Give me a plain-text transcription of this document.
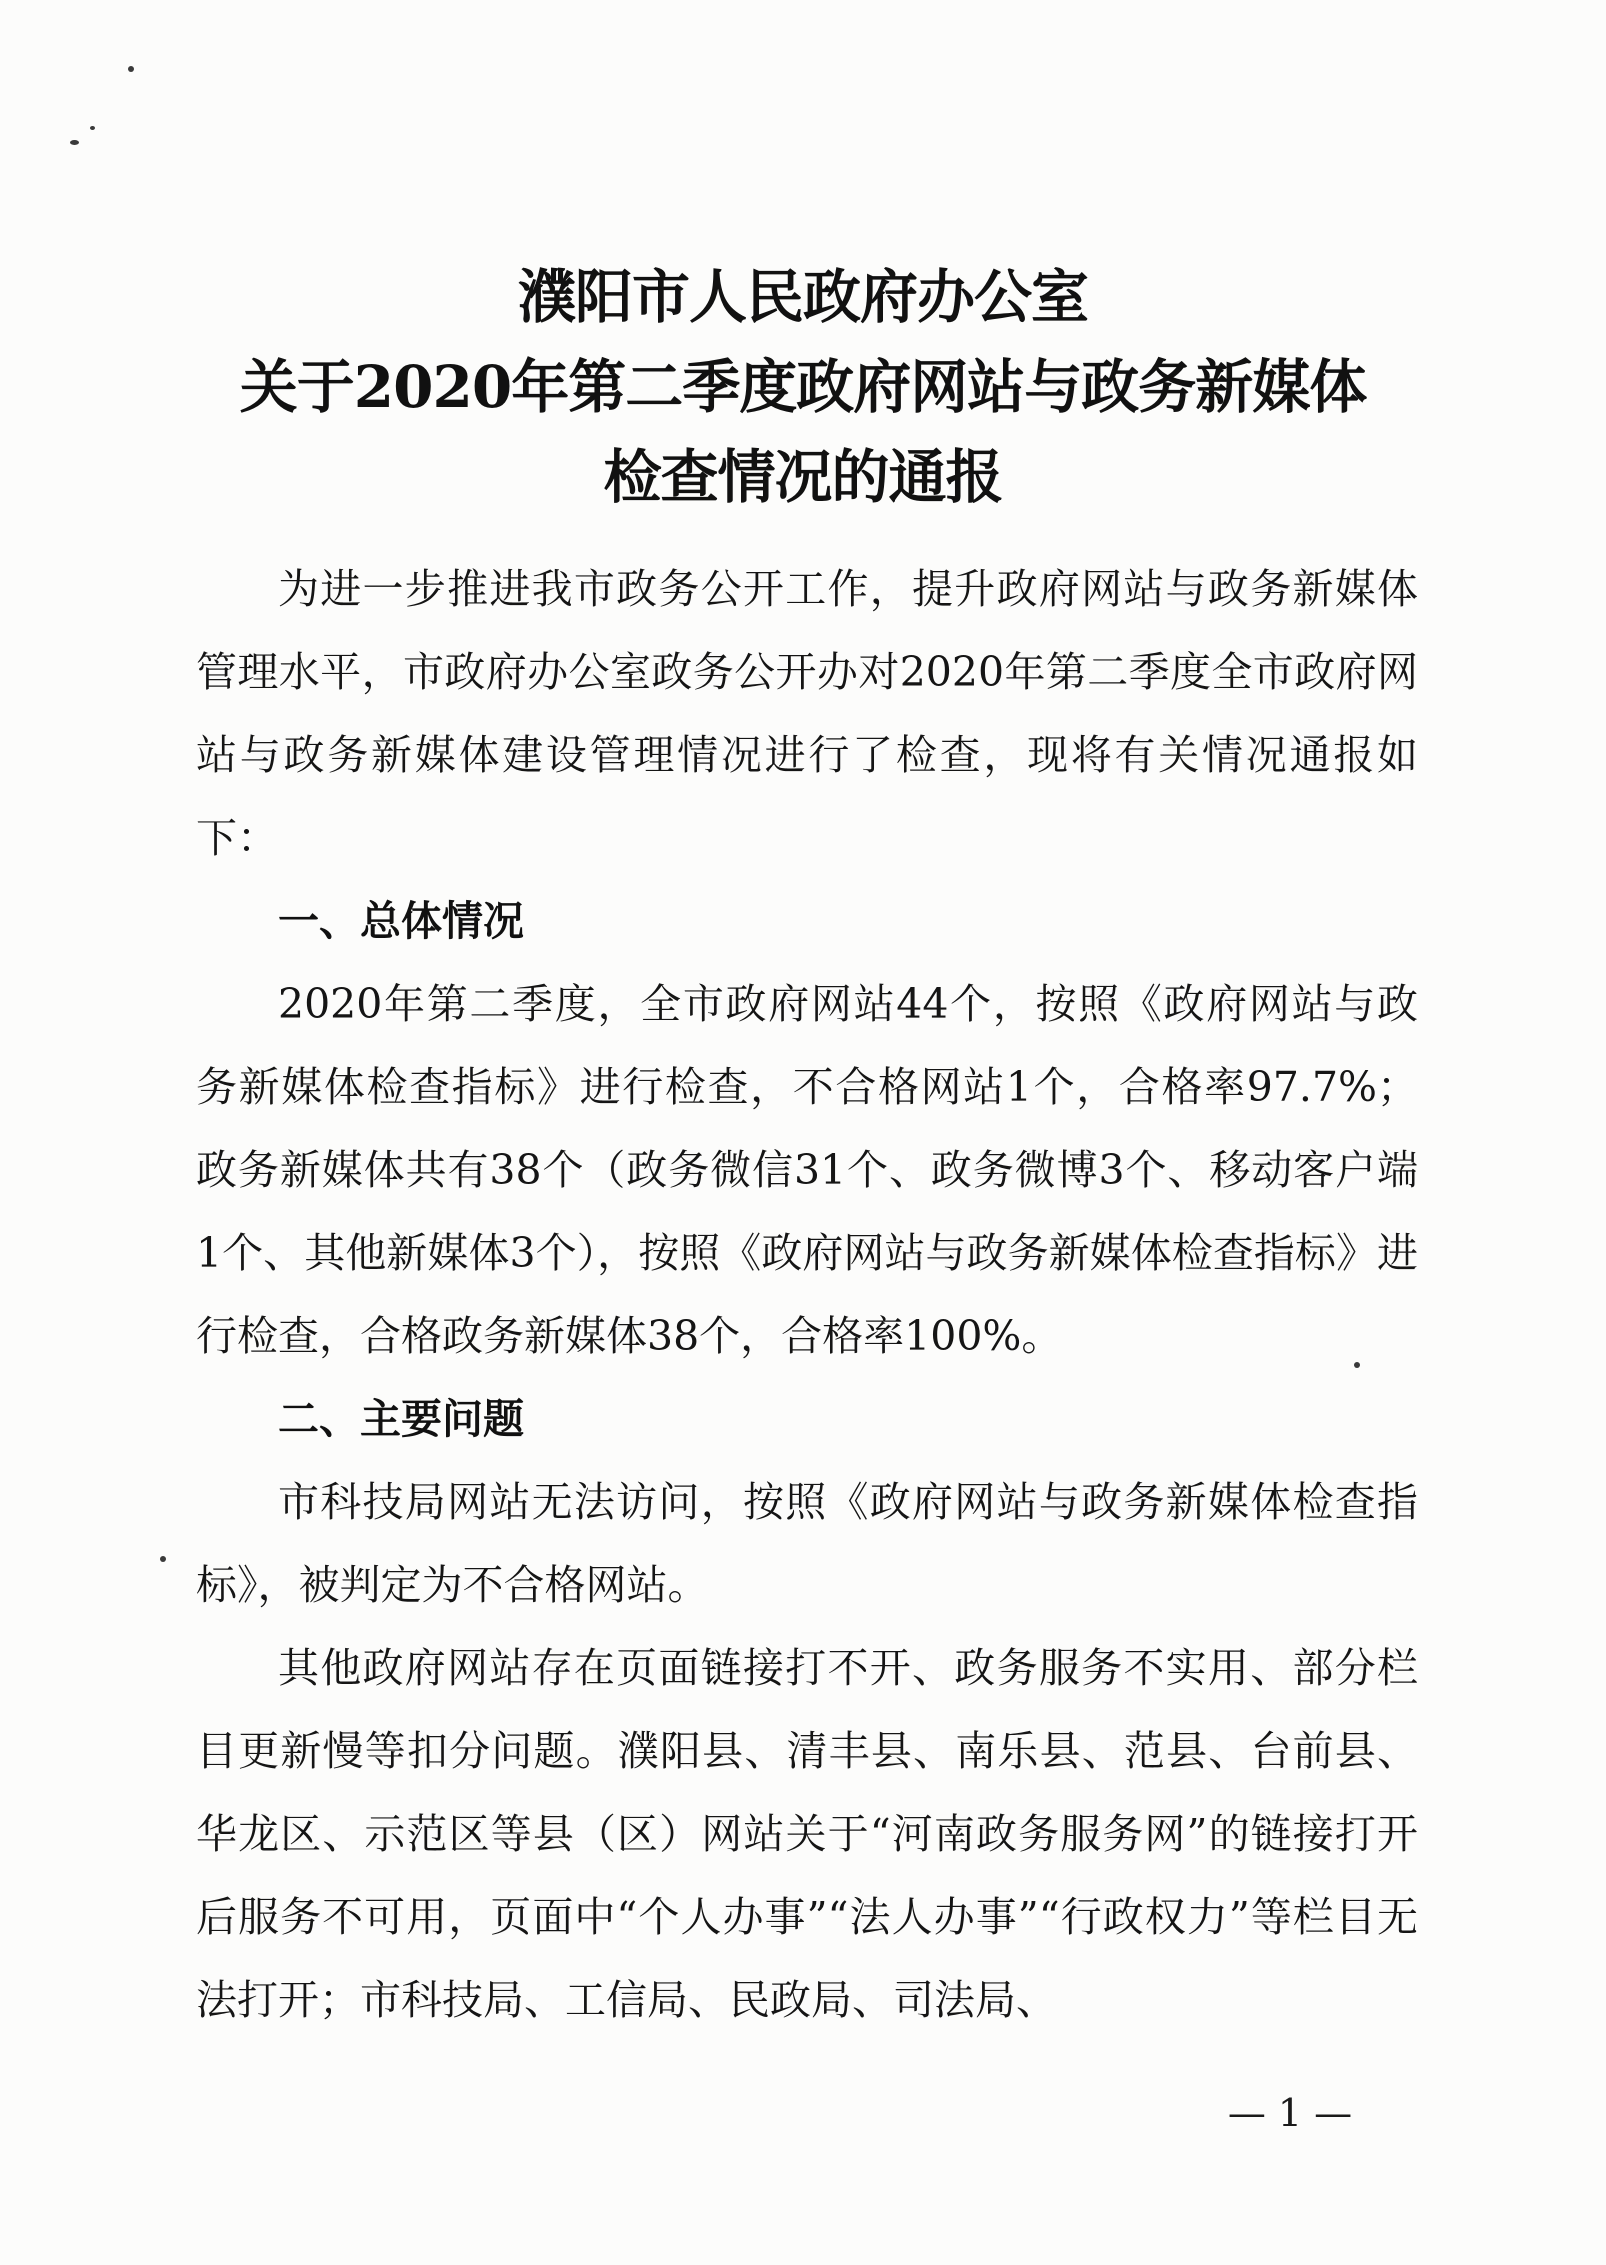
濮阳市人民政府办公室
关于2020年第二季度政府网站与政务新媒体
检查情况的通报

为进一步推进我市政务公开工作，提升政府网站与政务新媒体管理水平，市政府办公室政务公开办对2020年第二季度全市政府网站与政务新媒体建设管理情况进行了检查，现将有关情况通报如下：

一、总体情况

2020年第二季度，全市政府网站44个，按照《政府网站与政务新媒体检查指标》进行检查，不合格网站1个，合格率97.7%；政务新媒体共有38个（政务微信31个、政务微博3个、移动客户端1个、其他新媒体3个），按照《政府网站与政务新媒体检查指标》进行检查，合格政务新媒体38个，合格率100%。

二、主要问题

市科技局网站无法访问，按照《政府网站与政务新媒体检查指标》，被判定为不合格网站。

其他政府网站存在页面链接打不开、政务服务不实用、部分栏目更新慢等扣分问题。濮阳县、清丰县、南乐县、范县、台前县、华龙区、示范区等县（区）网站关于“河南政务服务网”的链接打开后服务不可用，页面中“个人办事”“法人办事”“行政权力”等栏目无法打开；市科技局、工信局、民政局、司法局、

— 1 —
